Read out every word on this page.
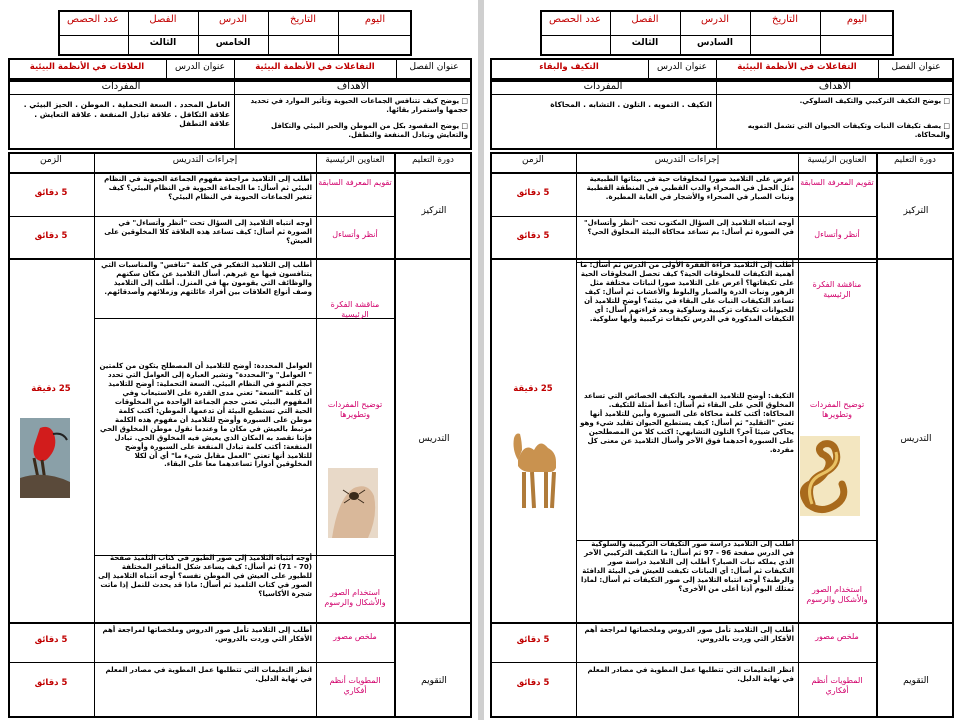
اليوم
التاريخ
الدرس
الفصل
عدد الحصص
الخامس
الثالث
عنوان الفصل
التفاعلات في الأنظمة البيئية
عنوان الدرس
العلاقات في الأنظمة البيئية
الأهداف
المفردات
□ يوضح كيف تتنافس الجماعات الحيوية وتأثير الموارد في تحديد حجمها واستمرار بقائها.
□ يوضح المقصود بكل من الموطن والحيز البيئي والتكافل والتعايش وتبادل المنفعة والتطفل.
العامل المحدد . السعة التحملية . الموطن . الحيز البيئي . علاقة التكافل . علاقة تبادل المنفعة . علاقة التعايش . علاقة التطفل
دورة التعليم
العناوين الرئيسية
إجراءات التدريس
الزمن
التركيز
التدريس
التقويم
تقويم المعرفة السابقة
أطلب إلى التلاميذ مراجعة مفهوم الجماعة الحيوية في النظام البيئي ثم أسأل: ما الجماعة الحيوية في النظام البيئي؟ كيف تتغير الجماعات الحيوية في النظام البيئي؟
5 دقائق
أنظر وأتساءل
أوجه انتباه التلاميذ إلى السؤال تحت "أنظر وأتساءل" في الصورة ثم أسأل: كيف تساعد هذه العلاقة كلا المخلوقين على العيش؟
5 دقائق
مناقشة الفكرة الرئيسية
أطلب إلى التلاميذ التفكير في كلمة "تنافس" والمناسبات التي يتنافسون فيها مع غيرهم. أسأل التلاميذ عن مكان سكنهم والوظائف التي يقومون بها في المنزل. أطلب إلى التلاميذ وصف أنواع العلاقات بين أفراد عائلتهم وزملائهم وأصدقائهم.
25 دقيقة
توضيح المفردات وتطويرها
العوامل المحددة: أوضح للتلاميذ أن المصطلح يتكون من كلمتين " العوامل" و"المحددة" وتشير العبارة إلى العوامل التي تحدد حجم النمو في النظام البيئي. السعة التحملية: أوضح للتلاميذ أن كلمة "السعة" تعني مدى القدرة على الاستيعاب وفي المفهوم البيئي تعني حجم الجماعة الواحدة من المخلوقات الحية التي تستطيع البيئة أن تدعمها. الموطن: أكتب كلمة موطن على السبورة وأوضح للتلاميذ أن مفهوم هذه الكلمة مرتبط بالعيش في مكان ما وعندما نقول موطن المخلوق الحي فإننا نقصد به المكان الذي يعيش فيه المخلوق الحي. تبادل المنفعة: أكتب كلمة تبادل المنفعة على السبورة وأوضح للتلاميذ أنها تعني "العمل مقابل شيء ما" أي أن لكلا المخلوقين أدوارا تساعدهما معا على البقاء.
استخدام الصور والأشكال والرسوم
أوجه انتباه التلاميذ إلى صور الطيور في كتاب التلميذ صفحة (70 - 71) ثم أسأل: كيف يساعد شكل المناقير المختلفة للطيور على العيش في الموطن نفسه؟ أوجه انتباه التلاميذ إلى الصور في كتاب التلميذ ثم أسأل: ماذا قد يحدث للنمل إذا ماتت شجرة الأكاسيا؟
ملخص مصور
أطلب إلى التلاميذ تأمل صور الدروس وملخصاتها لمراجعة أهم الأفكار التي وردت بالدروس.
5 دقائق
المطويات أنظم أفكاري
انظر التعليمات التي تتطلبها عمل المطوية في مصادر المعلم في نهاية الدليل.
5 دقائق
اليوم
التاريخ
الدرس
الفصل
عدد الحصص
السادس
الثالث
عنوان الفصل
التفاعلات في الأنظمة البيئية
عنوان الدرس
التكيف والبقاء
الأهداف
المفردات
□ يوضح التكيف التركيبي والتكيف السلوكي.
□ يصف تكيفات النبات وتكيفات الحيوان التي تشمل التمويه والمحاكاة.
التكيف . التمويه . التلون . التشابه . المحاكاة
دورة التعليم
العناوين الرئيسية
إجراءات التدريس
الزمن
التركيز
التدريس
التقويم
تقويم المعرفة السابقة
اعرض على التلاميذ صورا لمخلوقات حية في بيئاتها الطبيعية مثل الجمل في الصحراء والدب القطبي في المنطقة القطبية ونبات الصبار في الصحراء والأشجار في الغابة المطيرة.
5 دقائق
أنظر وأتساءل
أوجه انتباه التلاميذ إلى السؤال المكتوب تحت "أنظر وأتساءل" في الصورة ثم أسأل: بم تساعد محاكاة البيئة المخلوق الحي؟
5 دقائق
مناقشة الفكرة الرئيسية
أطلب إلى التلاميذ قراءة الفقرة الأولى من الدرس ثم أسأل: ما أهمية التكيفات للمخلوقات الحية؟ كيف تحصل المخلوقات الحية على تكيفاتها؟ أعرض على التلاميذ صورا لنباتات مختلفة مثل الزهور ونبات الذرة والصبار والبلوط والأعشاب ثم أسأل: كيف تساعد التكيفات النبات على البقاء في بيئته؟ أوضح للتلاميذ أن للحيوانات تكيفات تركيبية وسلوكية وبعد قراءتهم أسأل: أي التكيفات المذكورة في الدرس تكيفات تركيبية وأيها سلوكية.
25 دقيقة
توضيح المفردات وتطويرها
التكيف: أوضح للتلاميذ المقصود بالتكيف الخصائص التي تساعد المخلوق الحي على البقاء ثم أسأل: أعط أمثلة للتكيف. المحاكاة: أكتب كلمة محاكاة على السبورة وأبين للتلاميذ أنها تعني "التقليد" ثم أسأل: كيف يستطيع الحيوان تقليد شيء وهو يحاكي شيئا آخر؟ التلون التشابهي: اكتب كلا من المصطلحين على السبورة أحدهما فوق الآخر وأسأل التلاميذ عن معنى كل مفردة.
استخدام الصور والأشكال والرسوم
أطلب إلى التلاميذ دراسة صور التكيفات التركيبية والسلوكية في الدرس صفحة 96 - 97 ثم أسأل: ما التكيف التركيبي الآخر الذي يملكه نبات الصبار؟ أطلب إلى التلاميذ دراسة صور التكيفات ثم أسأل: أي النباتات تكيفت للعيش في البيئة الدافئة والرطبة؟ أوجه انتباه التلاميذ إلى صور التكيفات ثم أسأل: لماذا تمتلك البوم أذنا أعلى من الأخرى؟
ملخص مصور
أطلب إلى التلاميذ تأمل صور الدروس وملخصاتها لمراجعة أهم الأفكار التي وردت بالدروس.
5 دقائق
المطويات أنظم أفكاري
انظر التعليمات التي تتطلبها عمل المطوية في مصادر المعلم في نهاية الدليل.
5 دقائق
